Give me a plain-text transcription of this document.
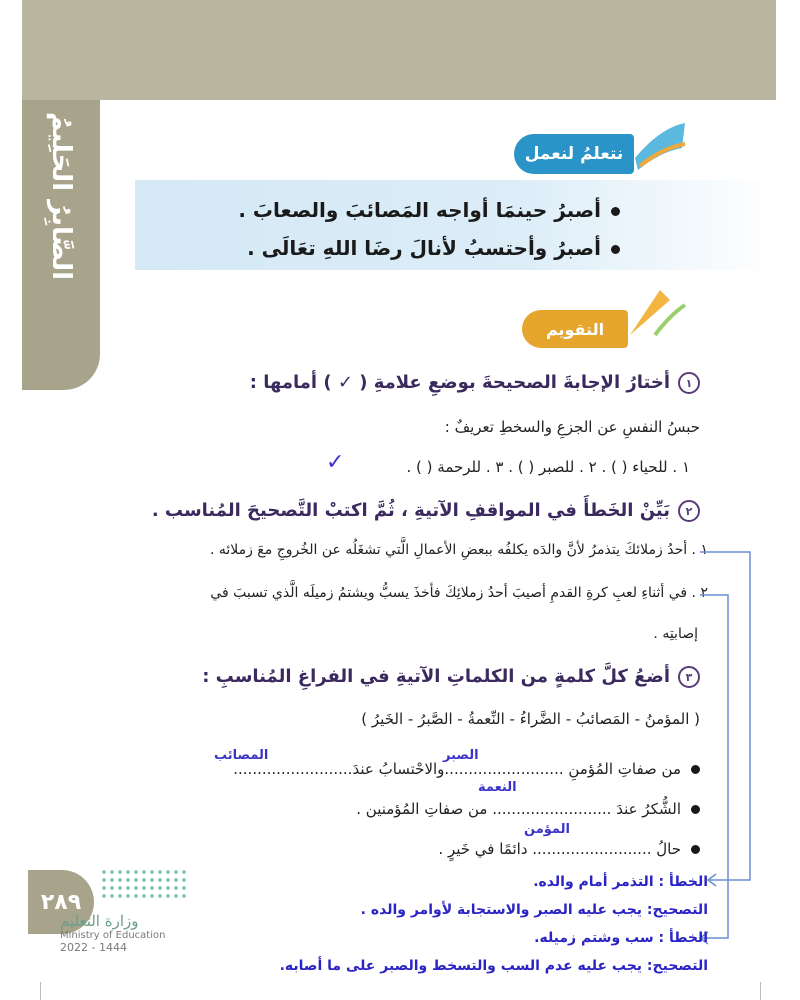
الصَّابِرُ الحَلِيمُ	نتعلمُ لنعمل
أصبرُ حينمَا أواجه المَصائبَ والصعابَ .
أصبرُ وأحتسبُ لأنالَ رضَا اللهِ تعَالَى .
التقويم
١أختارُ الإجابةَ الصحيحةَ بوضعِ علامةِ ( ✓ ) أمامها :
حبسُ النفسِ عن الجزعِ والسخطِ تعريفٌ :
١ . للحياء ( ) . ٢ . للصبر ( ) . ٣ . للرحمة ( ) .
✓
٢بَيِّنْ الخَطأَ في المواقفِ الآتيةِ ، ثُمَّ اكتبْ التَّصحيحَ المُناسب .
١ . أحدُ زملائكَ يتذمرُ لأنَّ والدَه يكلفُه ببعضِ الأعمالِ الَّتي تشغَلُه عن الخُروجِ معَ زملائه .
٢ . في أثناءِ لعبِ كرةِ القدمِ أصيبَ أحدُ زملائِكَ فأخذَ يسبُّ ويشتمُ زميلَه الَّذي تسببَ في
إصابتِه .
٣أضعُ كلَّ كلمةٍ من الكلماتِ الآتيةِ في الفراغِ المُناسبِ :
( المؤمنُ - المَصائبُ - الضَّراءُ - النِّعمةُ - الصَّبرُ - الخَيرُ )
من صفاتِ المُؤمنِ .........................والاحْتسابُ عندَ.........................
الشُّكرُ عندَ ......................... من صفاتِ المُؤمنين .
حالُ ......................... دائمًا في خَيرٍ .
المصائب	الصبر
النعمة
المؤمن
الخطأ : التذمر أمام والده.
التصحيح: يجب عليه الصبر والاستجابة لأوامر والده .
الخطأ : سب وشتم زميله.
التصحيح: يجب عليه عدم السب والتسخط والصبر على ما أصابه.
٢٨٩
وزارة التعليم
Ministry of Education
2022 - 1444
